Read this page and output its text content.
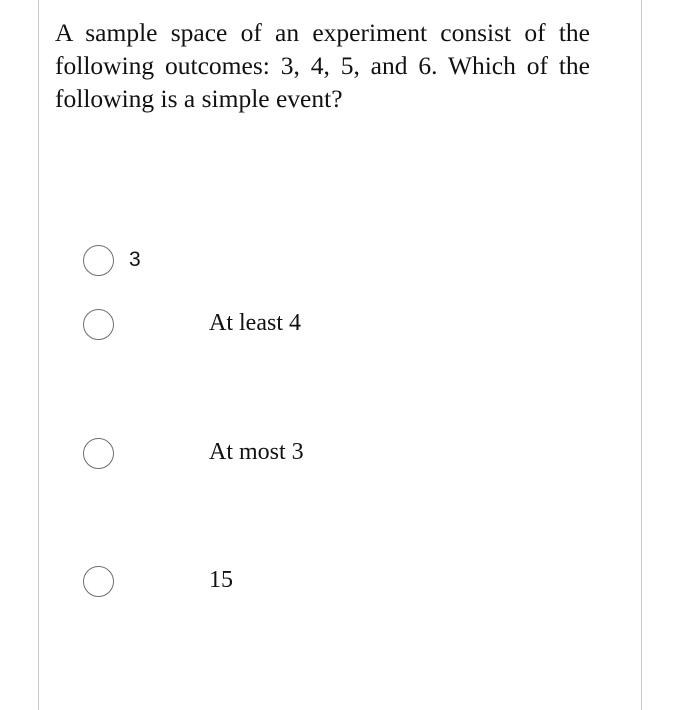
A sample space of an experiment consist of the following outcomes: 3, 4, 5, and 6. Which of the following is a simple event?

3
At least 4
At most 3
15
